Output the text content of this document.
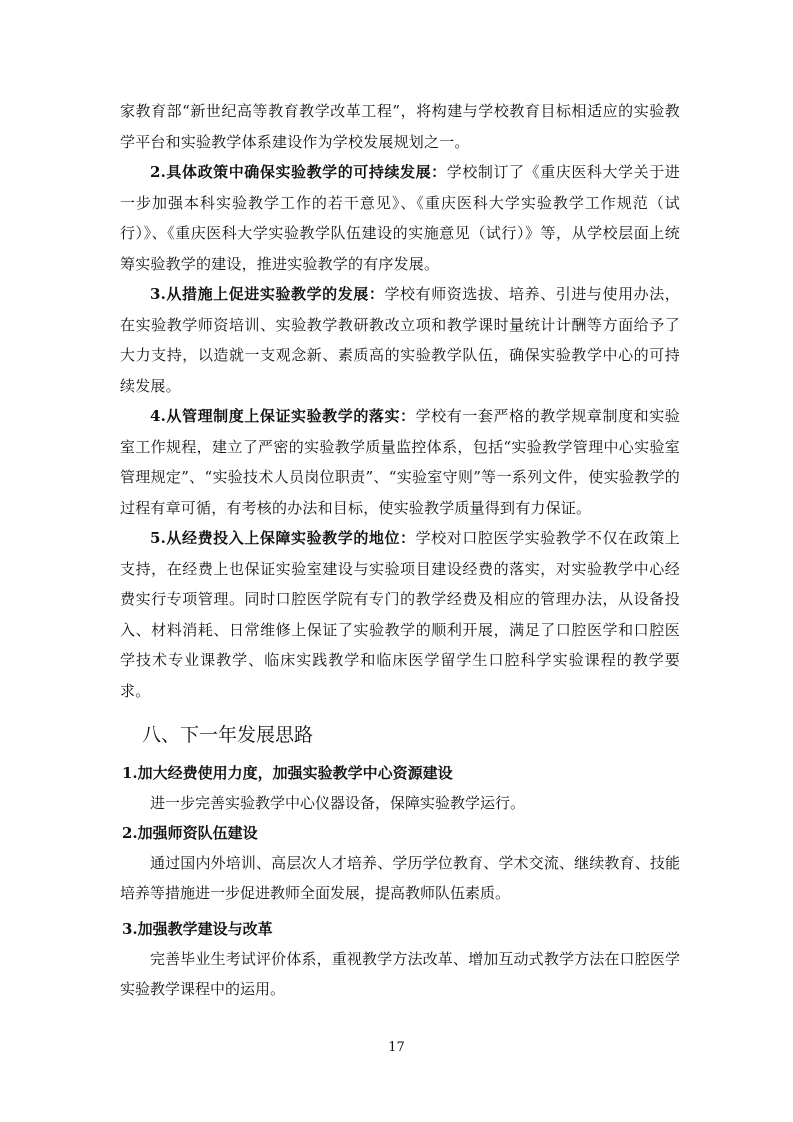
家教育部“新世纪高等教育教学改革工程”，将构建与学校教育目标相适应的实验教学平台和实验教学体系建设作为学校发展规划之一。

2.具体政策中确保实验教学的可持续发展：学校制订了《重庆医科大学关于进一步加强本科实验教学工作的若干意见》、《重庆医科大学实验教学工作规范（试行）》、《重庆医科大学实验教学队伍建设的实施意见（试行）》等，从学校层面上统筹实验教学的建设，推进实验教学的有序发展。

3.从措施上促进实验教学的发展：学校有师资选拔、培养、引进与使用办法，在实验教学师资培训、实验教学教研教改立项和教学课时量统计计酬等方面给予了大力支持，以造就一支观念新、素质高的实验教学队伍，确保实验教学中心的可持续发展。

4.从管理制度上保证实验教学的落实：学校有一套严格的教学规章制度和实验室工作规程，建立了严密的实验教学质量监控体系，包括“实验教学管理中心实验室管理规定”、“实验技术人员岗位职责”、“实验室守则”等一系列文件，使实验教学的过程有章可循，有考核的办法和目标，使实验教学质量得到有力保证。

5.从经费投入上保障实验教学的地位：学校对口腔医学实验教学不仅在政策上支持，在经费上也保证实验室建设与实验项目建设经费的落实，对实验教学中心经费实行专项管理。同时口腔医学院有专门的教学经费及相应的管理办法，从设备投入、材料消耗、日常维修上保证了实验教学的顺利开展，满足了口腔医学和口腔医学技术专业课教学、临床实践教学和临床医学留学生口腔科学实验课程的教学要求。

八、下一年发展思路
1.加大经费使用力度，加强实验教学中心资源建设

进一步完善实验教学中心仪器设备，保障实验教学运行。

2.加强师资队伍建设

通过国内外培训、高层次人才培养、学历学位教育、学术交流、继续教育、技能培养等措施进一步促进教师全面发展，提高教师队伍素质。

3.加强教学建设与改革

完善毕业生考试评价体系，重视教学方法改革、增加互动式教学方法在口腔医学实验教学课程中的运用。

17
